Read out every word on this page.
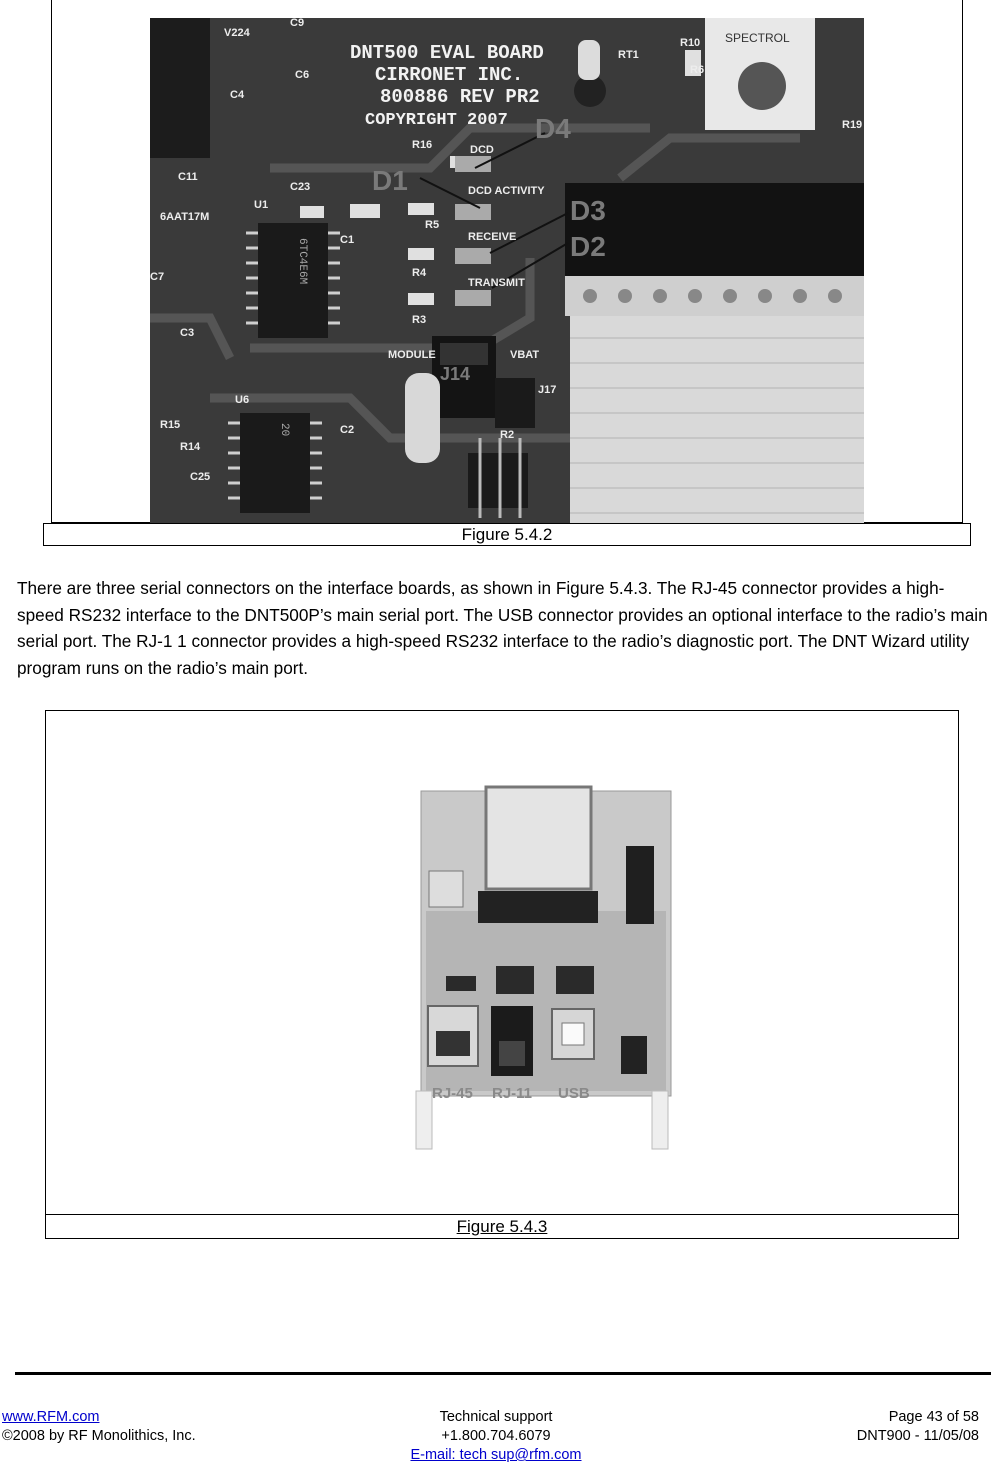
DNT500 EVAL BOARD
CIRRONET INC.
800886 REV PR2
COPYRIGHT 2007
SPECTROL
6TC4E6M
20
D4
D1
D3
D2
J14
DCD
DCD ACTIVITY
RECEIVE
TRANSMIT
MODULE	VBAT
R16
R5
R4
R3
R2
R10
R6
R19
RT1
C9
C6
C4
C11
C23
C1
C7
C3
C25
C2
U1
U6
J17
R15
R14
V224
6AAT17M
Figure 5.4.2

There are three serial connectors on the interface boards, as shown in Figure 5.4.3. The RJ-45 connector provides a high-speed RS232 interface to the DNT500P’s main serial port. The USB connector provides an optional interface to the radio’s main serial port. The RJ-1 1 connector provides a high-speed RS232 interface to the radio’s diagnostic port. The DNT Wizard utility program runs on the radio’s main port.

RJ-45 RJ-11 USB
Figure 5.4.3
www.RFM.com
©2008 by RF Monolithics, Inc.
Technical support +1.800.704.6079
E-mail: tech sup@rfm.com
Page 43 of 58
DNT900 - 11/05/08
